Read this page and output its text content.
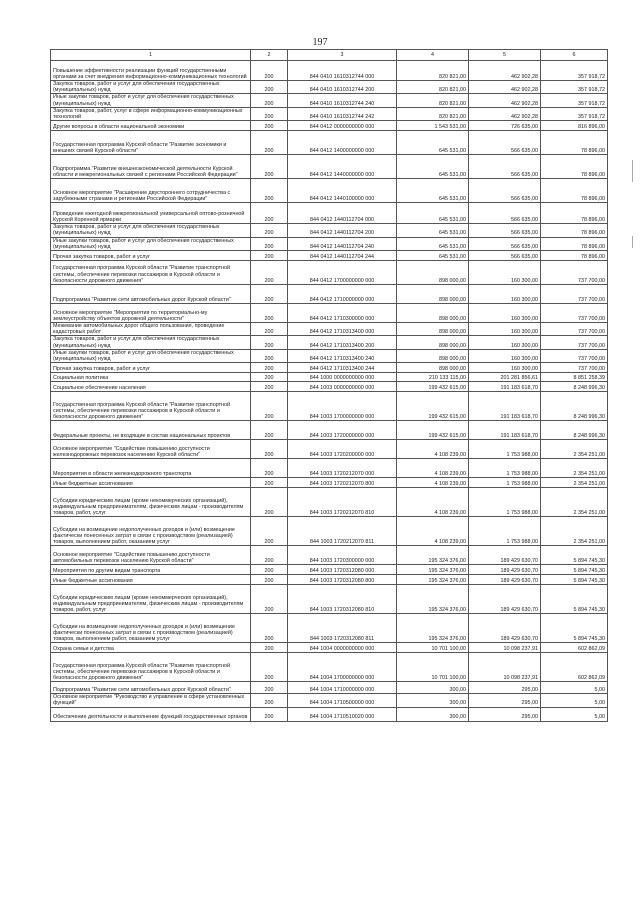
197
1	2	3	4	5	6
Повышение эффективности реализации функций государственными органами за счет внедрения информационно-коммуникационных технологий	200	844 0410 1610312744 000	820 821,00	462 902,28	357 918,72
Закупка товаров, работ и услуг для обеспечения государственных (муниципальных) нужд	200	844 0410 1610312744 200	820 821,00	462 902,28	357 918,72
Иные закупки товаров, работ и услуг для обеспечения государственных (муниципальных) нужд	200	844 0410 1610312744 240	820 821,00	462 902,28	357 918,72
Закупка товаров, работ, услуг в сфере информационно-коммуникационных технологий	200	844 0410 1610312744 242	820 821,00	462 902,28	357 918,72
Другие вопросы в области национальной экономики	200	844 0412 0000000000 000	1 543 531,00	726 635,00	816 896,00
Государственная программа Курской области "Развитие экономики и внешних связей Курской области"	200	844 0412 1400000000 000	645 531,00	566 635,00	78 896,00
Подпрограмма "Развитие внешнеэкономической деятельности Курской области и межрегиональных связей с регионами Российской Федерации"	200	844 0412 1440000000 000	645 531,00	566 635,00	78 896,00
Основное мероприятие "Расширение двустороннего сотрудничества с зарубежными странами и регионами Российской Федерации"	200	844 0412 1440100000 000	645 531,00	566 635,00	78 896,00
Проведение ежегодной межрегиональной универсальной оптово-розничной Курской Коренной ярмарки	200	844 0412 1440112704 000	645 531,00	566 635,00	78 896,00
Закупка товаров, работ и услуг для обеспечения государственных (муниципальных) нужд	200	844 0412 1440112704 200	645 531,00	566 635,00	78 896,00
Иные закупки товаров, работ и услуг для обеспечения государственных (муниципальных) нужд	200	844 0412 1440112704 240	645 531,00	566 635,00	78 896,00
Прочая закупка товаров, работ и услуг	200	844 0412 1440112704 244	645 531,00	566 635,00	78 896,00
Государственная программа Курской области "Развитие транспортной системы, обеспечение перевозки пассажиров в Курской области и безопасности дорожного движения"	200	844 0412 1700000000 000	898 000,00	160 300,00	737 700,00
Подпрограмма "Развитие сети автомобильных дорог Курской области"	200	844 0412 1710000000 000	898 000,00	160 300,00	737 700,00
Основное мероприятие "Мероприятия по территориально-му землеустройству объектов дорожной деятельности"	200	844 0412 1710300000 000	898 000,00	160 300,00	737 700,00
Межевание автомобильных дорог общего пользования, проведение кадастровых работ	200	844 0412 1710313400 000	898 000,00	160 300,00	737 700,00
Закупка товаров, работ и услуг для обеспечения государственных (муниципальных) нужд	200	844 0412 1710313400 200	898 000,00	160 300,00	737 700,00
Иные закупки товаров, работ и услуг для обеспечения государственных (муниципальных) нужд	200	844 0412 1710313400 240	898 000,00	160 300,00	737 700,00
Прочая закупка товаров, работ и услуг	200	844 0412 1710313400 244	898 000,00	160 300,00	737 700,00
Социальная политика	200	844 1000 0000000000 000	210 133 115,00	201 281 856,61	8 851 258,39
Социальное обеспечение населения	200	844 1003 0000000000 000	199 432 615,00	191 183 618,70	8 248 996,30
Государственная программа Курской области "Развитие транспортной системы, обеспечение перевозки пассажиров в Курской области и безопасности дорожного движения"	200	844 1003 1700000000 000	199 432 615,00	191 183 618,70	8 248 996,30
Федеральные проекты, не входящие в состав национальных проектов	200	844 1003 1720000000 000	199 432 615,00	191 183 618,70	8 248 996,30
Основное мероприятие "Содействие повышению доступности железнодорожных перевозок населению Курской области"	200	844 1003 1720200000 000	4 108 239,00	1 753 988,00	2 354 251,00
Мероприятия в области железнодорожного транспорта	200	844 1003 1720212070 000	4 108 239,00	1 753 988,00	2 354 251,00
Иные бюджетные ассигнования	200	844 1003 1720212070 800	4 108 239,00	1 753 988,00	2 354 251,00
Субсидии юридическим лицам (кроме некоммерческих организаций), индивидуальным предпринимателям, физическим лицам - производителям товаров, работ, услуг	200	844 1003 1720212070 810	4 108 239,00	1 753 988,00	2 354 251,00
Субсидии на возмещение недополученных доходов и (или) возмещение фактически понесенных затрат в связи с производством (реализацией) товаров, выполнением работ, оказанием услуг	200	844 1003 1720212070 811	4 108 239,00	1 753 988,00	2 354 251,00
Основное мероприятие "Содействие повышению доступности автомобильных перевозок населению Курской области"	200	844 1003 1720300000 000	195 324 376,00	189 429 630,70	5 894 745,30
Мероприятия по другим видам транспорта	200	844 1003 1720312080 000	195 324 376,00	189 429 630,70	5 894 745,30
Иные бюджетные ассигнования	200	844 1003 1720312080 800	195 324 376,00	189 429 630,70	5 894 745,30
Субсидии юридическим лицам (кроме некоммерческих организаций), индивидуальным предпринимателям, физическим лицам - производителям товаров, работ, услуг	200	844 1003 1720312080 810	195 324 376,00	189 429 630,70	5 894 745,30
Субсидии на возмещение недополученных доходов и (или) возмещение фактически понесенных затрат в связи с производством (реализацией) товаров, выполнением работ, оказанием услуг	200	844 1003 1720312080 811	195 324 376,00	189 429 630,70	5 894 745,30
Охрана семьи и детства	200	844 1004 0000000000 000	10 701 100,00	10 098 237,91	602 862,09
Государственная программа Курской области "Развитие транспортной системы, обеспечение перевозки пассажиров в Курской области и безопасности дорожного движения"	200	844 1004 1700000000 000	10 701 100,00	10 098 237,91	602 862,09
Подпрограмма "Развитие сети автомобильных дорог Курской области"	200	844 1004 1710000000 000	300,00	295,00	5,00
Основное мероприятие "Руководство и управление в сфере установленных функций"	200	844 1004 1710500000 000	300,00	295,00	5,00
Обеспечение деятельности и выполнение функций государственных органов	200	844 1004 1710510020 000	300,00	295,00	5,00
